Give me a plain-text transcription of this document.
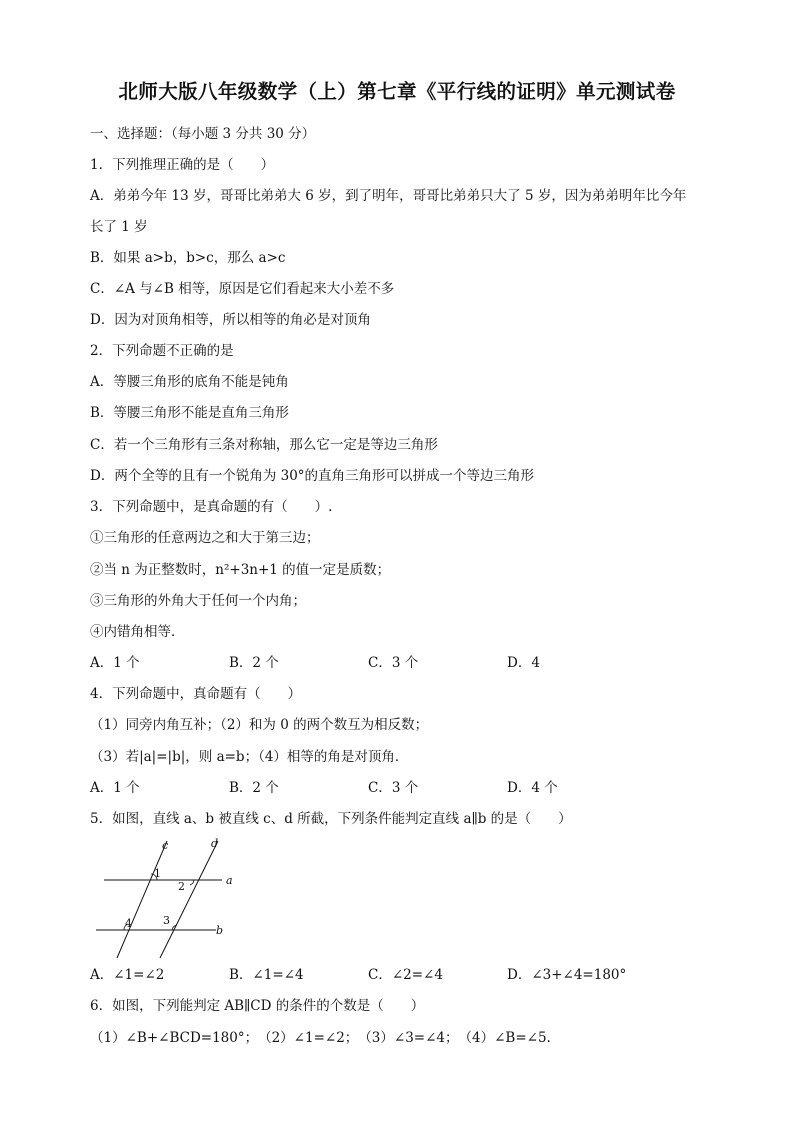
北师大版八年级数学（上）第七章《平行线的证明》单元测试卷
一、选择题：（每小题 3 分共 30 分）
1．下列推理正确的是（　　）
A．弟弟今年 13 岁，哥哥比弟弟大 6 岁，到了明年，哥哥比弟弟只大了 5 岁，因为弟弟明年比今年
长了 1 岁
B．如果 a>b，b>c，那么 a>c
C．∠A 与∠B 相等，原因是它们看起来大小差不多
D．因为对顶角相等，所以相等的角必是对顶角
2．下列命题不正确的是
A．等腰三角形的底角不能是钝角
B．等腰三角形不能是直角三角形
C．若一个三角形有三条对称轴，那么它一定是等边三角形
D．两个全等的且有一个锐角为 30°的直角三角形可以拼成一个等边三角形
3．下列命题中，是真命题的有（　　）.
①三角形的任意两边之和大于第三边；
②当 n 为正整数时，n²+3n+1 的值一定是质数；
③三角形的外角大于任何一个内角；
④内错角相等．
A．1 个	B．2 个	C．3 个	D．4
4．下列命题中，真命题有（　　）
（1）同旁内角互补；（2）和为 0 的两个数互为相反数；
（3）若|a|=|b|，则 a=b；（4）相等的角是对顶角．
A．1 个	B．2 个	C．3 个	D．4 个
5．如图，直线 a、b 被直线 c、d 所截，下列条件能判定直线 a∥b 的是（　　）
c	d
a
b
1
2
3
4
A．∠1=∠2	B．∠1=∠4	C．∠2=∠4	D．∠3+∠4=180°
6．如图，下列能判定 AB∥CD 的条件的个数是（　　）
（1）∠B+∠BCD=180°；　（2）∠1=∠2；　（3）∠3=∠4；　（4）∠B=∠5.
